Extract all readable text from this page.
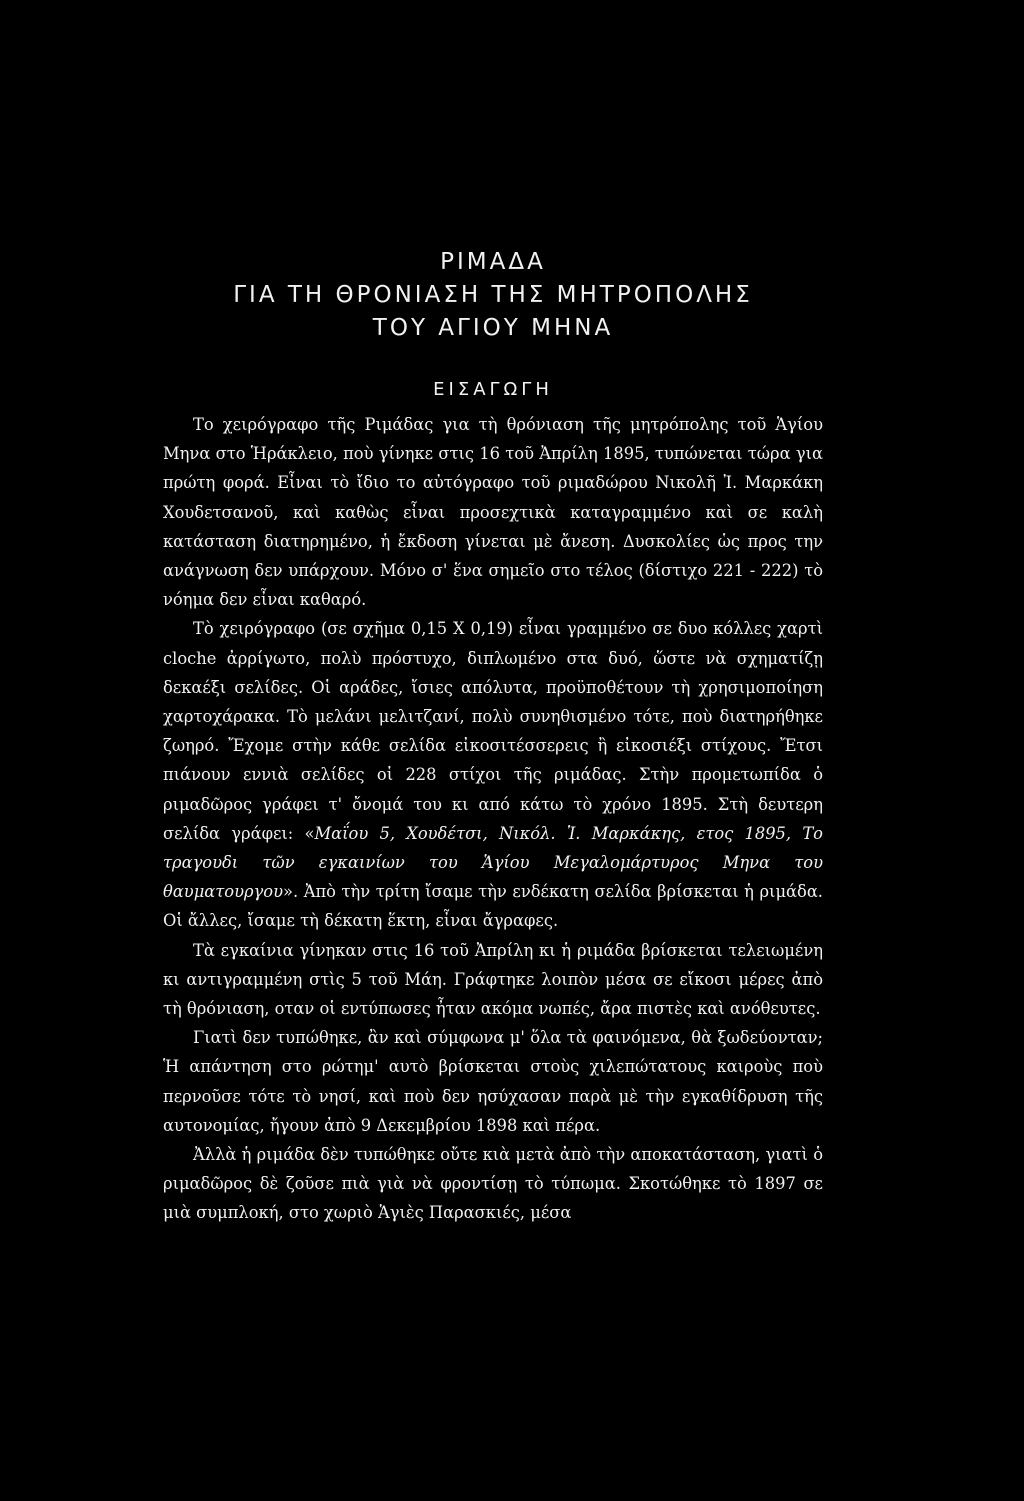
ΡΙΜΑΔΑ
ΓΙΑ ΤΗ ΘΡΟΝΙΑΣΗ ΤΗΣ ΜΗΤΡΟΠΟΛΗΣ
ΤΟΥ ΑΓΙΟΥ ΜΗΝΑ
ΕΙΣΑΓΩΓΗ

Το χειρόγραφο τῆς Ριμάδας για τὴ θρόνιαση τῆς μητρόπολης τοῦ Ἁγίου Μηνα στο Ἡράκλειο, ποὺ γίνηκε στις 16 τοῦ Ἀπρίλη 1895, τυπώνεται τώρα για πρώτη φορά. Εἶναι τὸ ἴδιο το αὐτόγραφο τοῦ ριμαδώρου Νικολῆ Ἰ. Μαρκάκη Χουδετσανοῦ, καὶ καθὼς εἶναι προσεχτικὰ καταγραμμένο καὶ σε καλὴ κατάσταση διατηρημένο, ἡ ἔκδοση γίνεται μὲ ἄνεση. Δυσκολίες ὡς προς την ανάγνωση δεν υπάρχουν. Μόνο σ' ἕνα σημεῖο στο τέλος (δίστιχο 221 - 222) τὸ νόημα δεν εἶναι καθαρό.

Τὸ χειρόγραφο (σε σχῆμα 0,15 X 0,19) εἶναι γραμμένο σε δυο κόλλες χαρτὶ cloche ἀρρίγωτο, πολὺ πρόστυχο, διπλωμένο στα δυό, ὥστε νὰ σχηματίζῃ δεκαέξι σελίδες. Οἱ αράδες, ἴσιες απόλυτα, προϋποθέτουν τὴ χρησιμοποίηση χαρτοχάρακα. Τὸ μελάνι μελιτζανί, πολὺ συνηθισμένο τότε, ποὺ διατηρήθηκε ζωηρό. Ἔχομε στὴν κάθε σελίδα εἰκοσιτέσσερεις ἢ εἰκοσιέξι στίχους. Ἔτσι πιάνουν εννιὰ σελίδες οἱ 228 στίχοι τῆς ριμάδας. Στὴν προμετωπίδα ὁ ριμαδῶρος γράφει τ' ὄνομά του κι από κάτω τὸ χρόνο 1895. Στὴ δευτερη σελίδα γράφει: «Μαΐου 5, Χουδέτσι, Νικόλ. Ἰ. Μαρκάκης, ετος 1895, Το τραγουδι τῶν εγκαινίων του Ἁγίου Μεγαλομάρτυρος Μηνα του θαυματουργου». Ἀπὸ τὴν τρίτη ἴσαμε τὴν ενδέκατη σελίδα βρίσκεται ἡ ριμάδα. Οἱ ἄλλες, ἴσαμε τὴ δέκατη ἕκτη, εἶναι ἄγραφες.

Τὰ εγκαίνια γίνηκαν στις 16 τοῦ Ἀπρίλη κι ἡ ριμάδα βρίσκεται τελειωμένη κι αντιγραμμένη στὶς 5 τοῦ Μάη. Γράφτηκε λοιπὸν μέσα σε εἴκοσι μέρες ἀπὸ τὴ θρόνιαση, οταν οἱ εντύπωσες ἦταν ακόμα νωπές, ἄρα πιστὲς καὶ ανόθευτες.

Γιατὶ δεν τυπώθηκε, ἂν καὶ σύμφωνα μ' ὅλα τὰ φαινόμενα, θὰ ξωδεύονταν; Ἡ απάντηση στο ρώτημ' αυτὸ βρίσκεται στοὺς χιλεπώτατους καιροὺς ποὺ περνοῦσε τότε τὸ νησί, καὶ ποὺ δεν ησύχασαν παρὰ μὲ τὴν εγκαθίδρυση τῆς αυτονομίας, ἤγουν ἀπὸ 9 Δεκεμβρίου 1898 καὶ πέρα.

Ἀλλὰ ἡ ριμάδα δὲν τυπώθηκε οὔτε κιὰ μετὰ ἀπὸ τὴν αποκατάσταση, γιατὶ ὁ ριμαδῶρος δὲ ζοῦσε πιὰ γιὰ νὰ φροντίσῃ τὸ τύπωμα. Σκοτώθηκε τὸ 1897 σε μιὰ συμπλοκή, στο χωριὸ Ἁγιὲς Παρασκιές, μέσα
